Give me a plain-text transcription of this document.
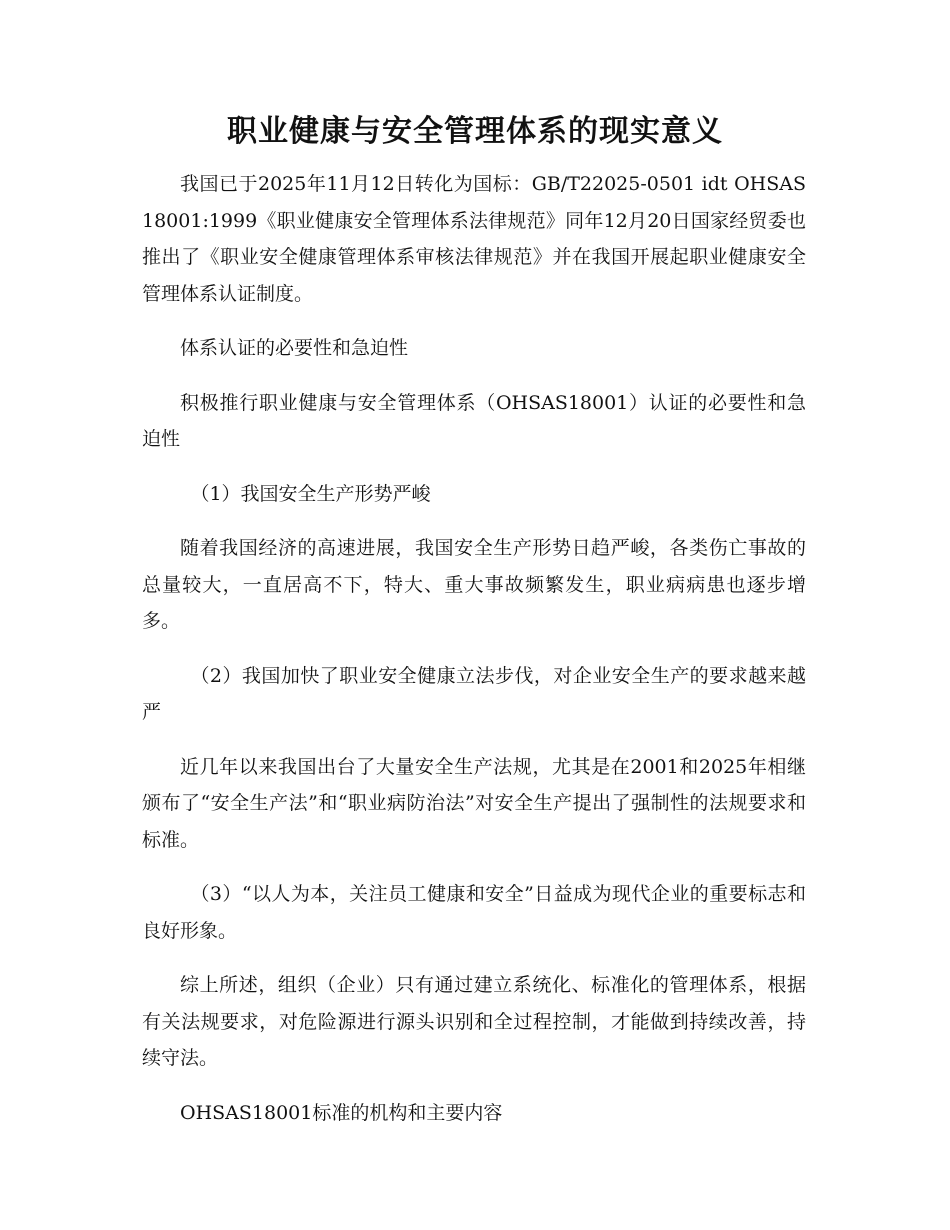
职业健康与安全管理体系的现实意义

我国已于2025年11月12日转化为国标：GB/T22025-0501 idt OHSAS18001:1999《职业健康安全管理体系法律规范》同年12月20日国家经贸委也推出了《职业安全健康管理体系审核法律规范》并在我国开展起职业健康安全管理体系认证制度。

体系认证的必要性和急迫性

积极推行职业健康与安全管理体系（OHSAS18001）认证的必要性和急迫性

（1）我国安全生产形势严峻

随着我国经济的高速进展，我国安全生产形势日趋严峻，各类伤亡事故的总量较大，一直居高不下，特大、重大事故频繁发生，职业病病患也逐步增多。

（2）我国加快了职业安全健康立法步伐，对企业安全生产的要求越来越严

近几年以来我国出台了大量安全生产法规，尤其是在2001和2025年相继颁布了“安全生产法”和“职业病防治法”对安全生产提出了强制性的法规要求和标准。

（3）“以人为本，关注员工健康和安全”日益成为现代企业的重要标志和良好形象。

综上所述，组织（企业）只有通过建立系统化、标准化的管理体系，根据有关法规要求，对危险源进行源头识别和全过程控制，才能做到持续改善，持续守法。

OHSAS18001标准的机构和主要内容
